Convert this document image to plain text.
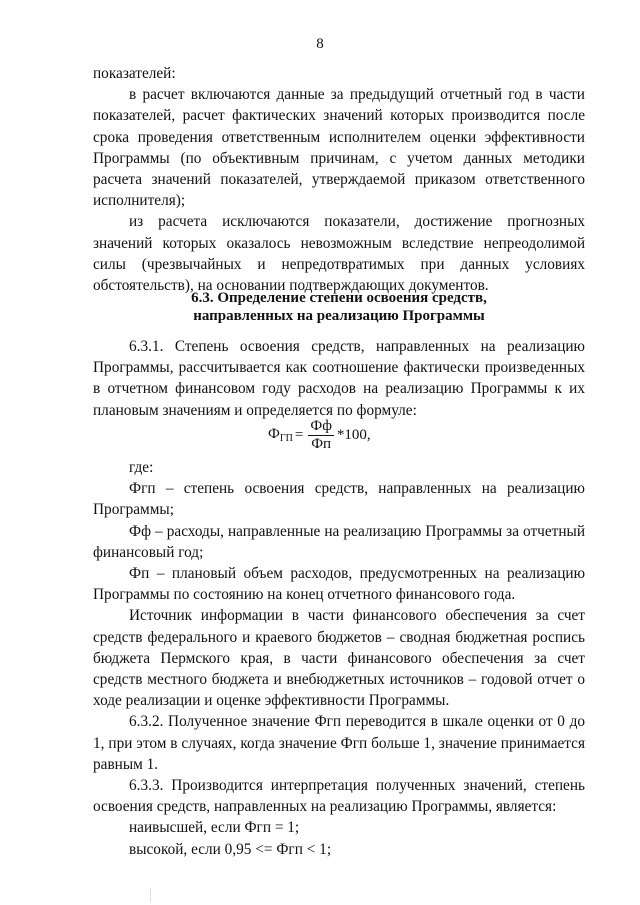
8

показателей:

в расчет включаются данные за предыдущий отчетный год в части показателей, расчет фактических значений которых производится после срока проведения ответственным исполнителем оценки эффективности Программы (по объективным причинам, с учетом данных методики расчета значений показателей, утверждаемой приказом ответственного исполнителя);

из расчета исключаются показатели, достижение прогнозных значений которых оказалось невозможным вследствие непреодолимой силы (чрезвычайных и непредотвратимых при данных условиях обстоятельств), на основании подтверждающих документов.

6.3. Определение степени освоения средств,
направленных на реализацию Программы

6.3.1. Степень освоения средств, направленных на реализацию Программы, рассчитывается как соотношение фактически произведенных в отчетном финансовом году расходов на реализацию Программы к их плановым значениям и определяется по формуле:

$Ф_{ГП} = \frac{Фф}{Фп} *100$,

где:

Фгп – степень освоения средств, направленных на реализацию Программы;

Фф – расходы, направленные на реализацию Программы за отчетный финансовый год;

Фп – плановый объем расходов, предусмотренных на реализацию Программы по состоянию на конец отчетного финансового года.

Источник информации в части финансового обеспечения за счет средств федерального и краевого бюджетов – сводная бюджетная роспись бюджета Пермского края, в части финансового обеспечения за счет средств местного бюджета и внебюджетных источников – годовой отчет о ходе реализации и оценке эффективности Программы.

6.3.2. Полученное значение Фгп переводится в шкале оценки от 0 до 1, при этом в случаях, когда значение Фгп больше 1, значение принимается равным 1.

6.3.3. Производится интерпретация полученных значений, степень освоения средств, направленных на реализацию Программы, является:

наивысшей, если Фгп = 1;

высокой, если 0,95 <= Фгп < 1;
